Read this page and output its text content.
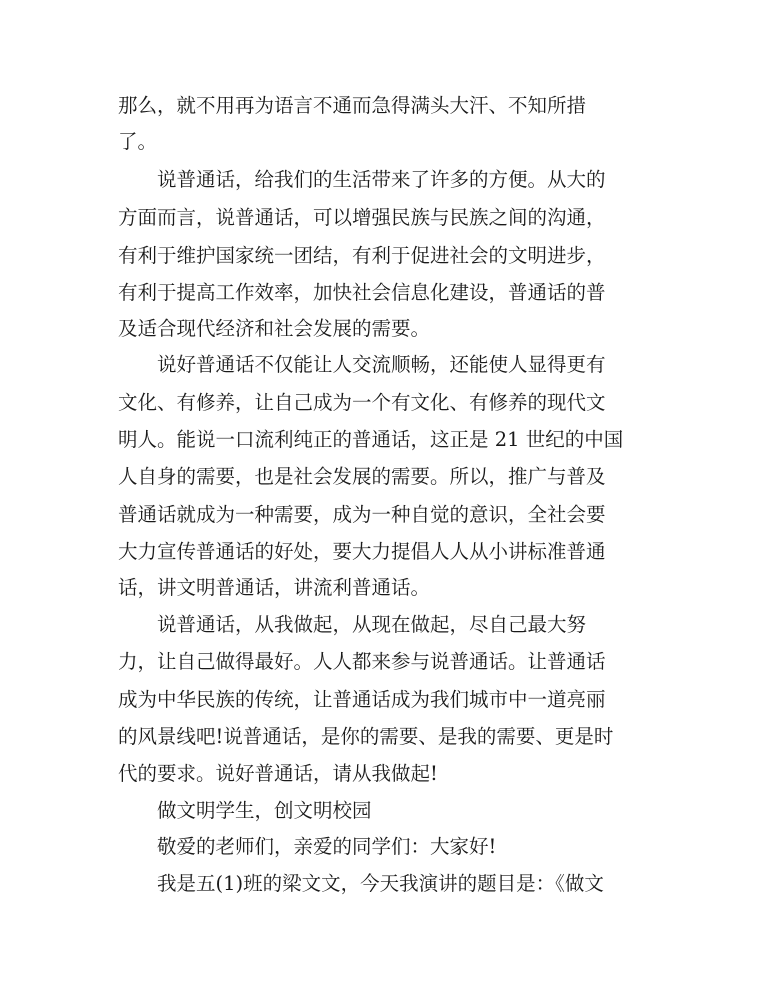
那么，就不用再为语言不通而急得满头大汗、不知所措

了。

说普通话，给我们的生活带来了许多的方便。从大的

方面而言，说普通话，可以增强民族与民族之间的沟通，

有利于维护国家统一团结，有利于促进社会的文明进步，

有利于提高工作效率，加快社会信息化建设，普通话的普

及适合现代经济和社会发展的需要。

说好普通话不仅能让人交流顺畅，还能使人显得更有

文化、有修养，让自己成为一个有文化、有修养的现代文

明人。能说一口流利纯正的普通话，这正是 21 世纪的中国

人自身的需要，也是社会发展的需要。所以，推广与普及

普通话就成为一种需要，成为一种自觉的意识，全社会要

大力宣传普通话的好处，要大力提倡人人从小讲标准普通

话，讲文明普通话，讲流利普通话。

说普通话，从我做起，从现在做起，尽自己最大努

力，让自己做得最好。人人都来参与说普通话。让普通话

成为中华民族的传统，让普通话成为我们城市中一道亮丽

的风景线吧!说普通话，是你的需要、是我的需要、更是时

代的要求。说好普通话，请从我做起!

做文明学生，创文明校园

敬爱的老师们，亲爱的同学们：大家好!

我是五(1)班的梁文文，今天我演讲的题目是：《做文
